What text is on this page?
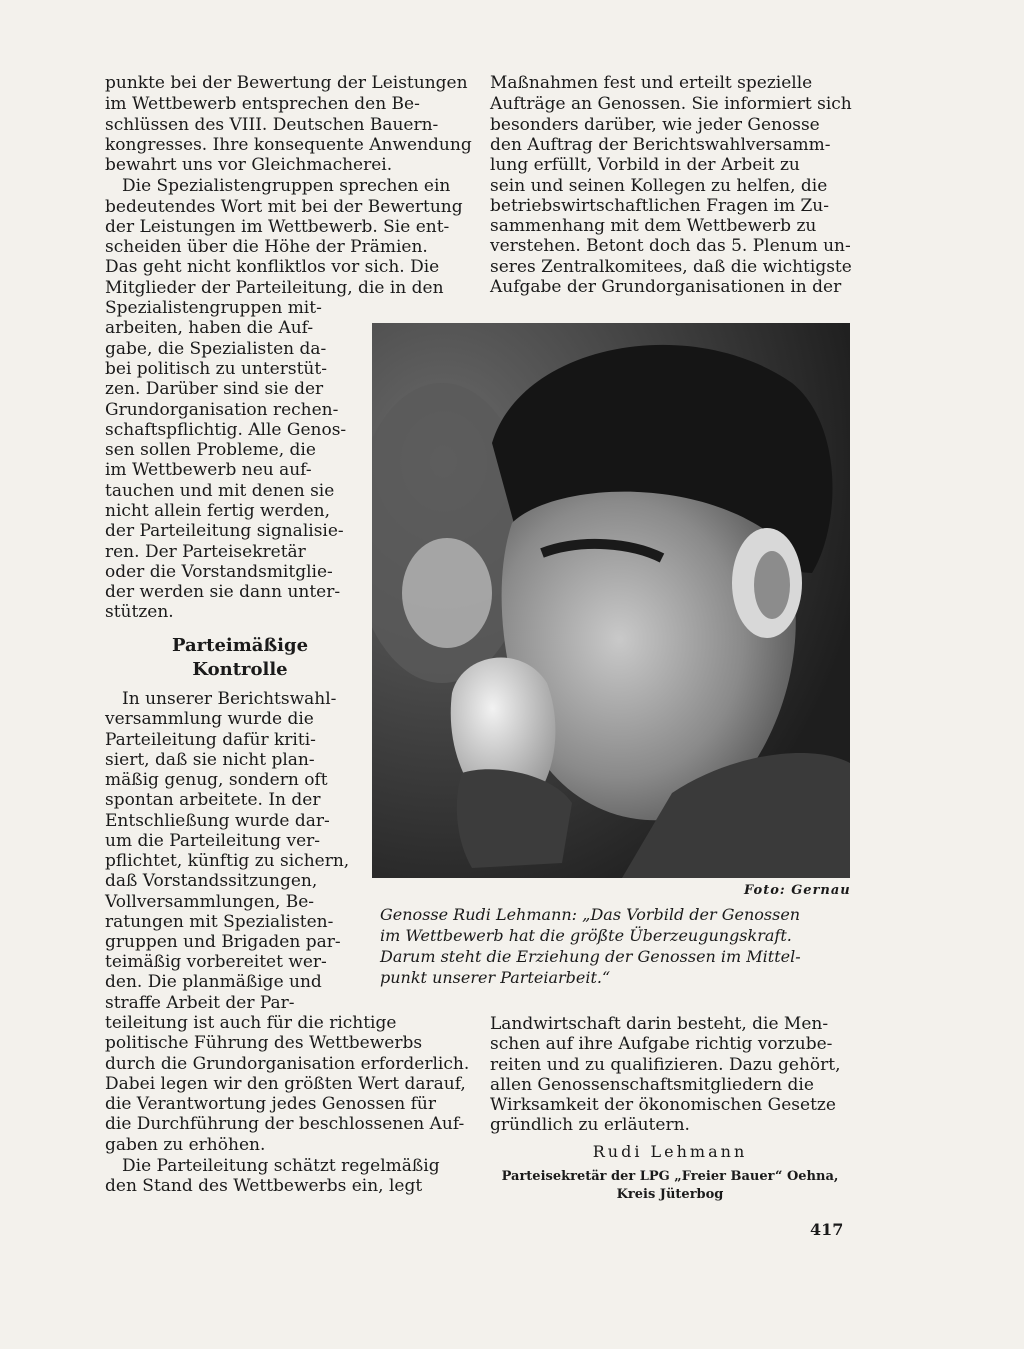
punkte bei der Bewertung der Leistungen

im Wettbewerb entsprechen den Be-

schlüssen des VIII. Deutschen Bauern-

kongresses. Ihre konsequente Anwendung

bewahrt uns vor Gleichmacherei.

Die Spezialistengruppen sprechen ein

bedeutendes Wort mit bei der Bewertung

der Leistungen im Wettbewerb. Sie ent-

scheiden über die Höhe der Prämien.

Das geht nicht konfliktlos vor sich. Die

Mitglieder der Parteileitung, die in den

Spezialistengruppen mit-

arbeiten, haben die Auf-

gabe, die Spezialisten da-

bei politisch zu unterstüt-

zen. Darüber sind sie der

Grundorganisation rechen-

schaftspflichtig. Alle Genos-

sen sollen Probleme, die

im Wettbewerb neu auf-

tauchen und mit denen sie

nicht allein fertig werden,

der Parteileitung signalisie-

ren. Der Parteisekretär

oder die Vorstandsmitglie-

der werden sie dann unter-

stützen.

Parteimäßige

Kontrolle

In unserer Berichtswahl-

versammlung wurde die

Parteileitung dafür kriti-

siert, daß sie nicht plan-

mäßig genug, sondern oft

spontan arbeitete. In der

Entschließung wurde dar-

um die Parteileitung ver-

pflichtet, künftig zu sichern,

daß Vorstandssitzungen,

Vollversammlungen, Be-

ratungen mit Spezialisten-

gruppen und Brigaden par-

teimäßig vorbereitet wer-

den. Die planmäßige und

straffe Arbeit der Par-

teileitung ist auch für die richtige

politische Führung des Wettbewerbs

durch die Grundorganisation erforderlich.

Dabei legen wir den größten Wert darauf,

die Verantwortung jedes Genossen für

die Durchführung der beschlossenen Auf-

gaben zu erhöhen.

Die Parteileitung schätzt regelmäßig

den Stand des Wettbewerbs ein, legt

Maßnahmen fest und erteilt spezielle

Aufträge an Genossen. Sie informiert sich

besonders darüber, wie jeder Genosse

den Auftrag der Berichtswahlversamm-

lung erfüllt, Vorbild in der Arbeit zu

sein und seinen Kollegen zu helfen, die

betriebswirtschaftlichen Fragen im Zu-

sammenhang mit dem Wettbewerb zu

verstehen. Betont doch das 5. Plenum un-

seres Zentralkomitees, daß die wichtigste

Aufgabe der Grundorganisationen in der

Foto: Gernau

Genosse Rudi Lehmann: „Das Vorbild der Genossen

im Wettbewerb hat die größte Überzeugungskraft.

Darum steht die Erziehung der Genossen im Mittel-

punkt unserer Parteiarbeit.“

Landwirtschaft darin besteht, die Men-

schen auf ihre Aufgabe richtig vorzube-

reiten und zu qualifizieren. Dazu gehört,

allen Genossenschaftsmitgliedern die

Wirksamkeit der ökonomischen Gesetze

gründlich zu erläutern.

Rudi Lehmann

Parteisekretär der LPG „Freier Bauer“ Oehna,

Kreis Jüterbog

417
